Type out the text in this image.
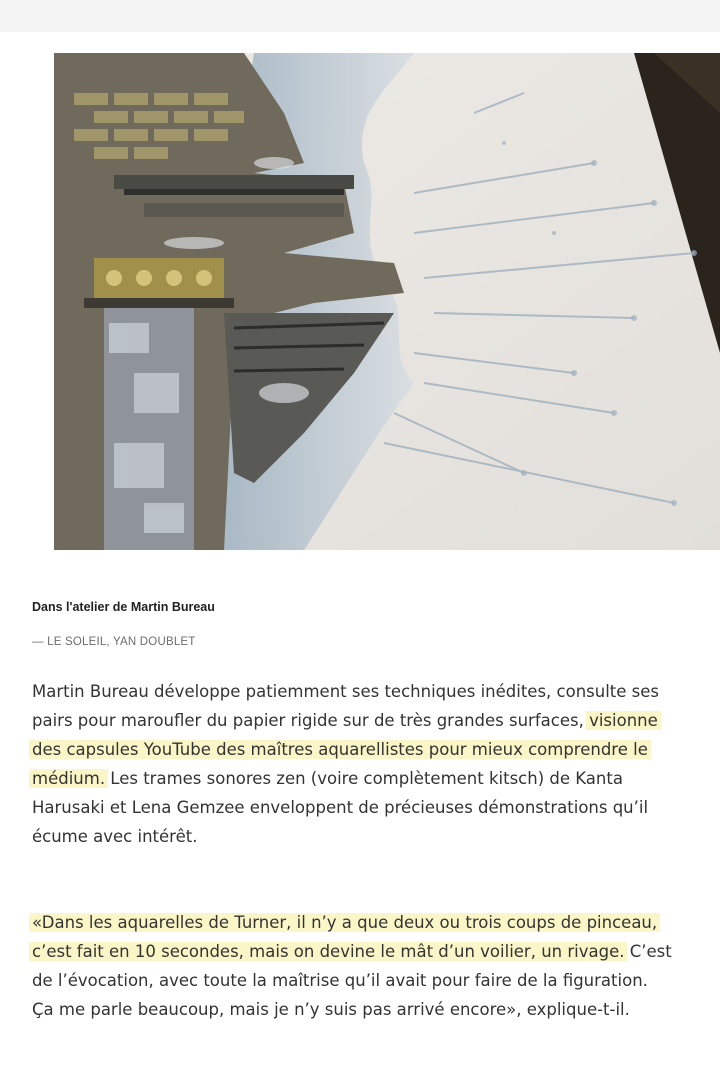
Dans l'atelier de Martin Bureau
— LE SOLEIL, YAN DOUBLET

Martin Bureau développe patiemment ses techniques inédites, consulte ses pairs pour maroufler du papier rigide sur de très grandes surfaces, visionne des capsules YouTube des maîtres aquarellistes pour mieux comprendre le médium. Les trames sonores zen (voire complètement kitsch) de Kanta Harusaki et Lena Gemzee enveloppent de précieuses démonstrations qu’il écume avec intérêt.

«Dans les aquarelles de Turner, il n’y a que deux ou trois coups de pinceau, c’est fait en 10 secondes, mais on devine le mât d’un voilier, un rivage. C’est de l’évocation, avec toute la maîtrise qu’il avait pour faire de la figuration. Ça me parle beaucoup, mais je n’y suis pas arrivé encore», explique-t-il.
